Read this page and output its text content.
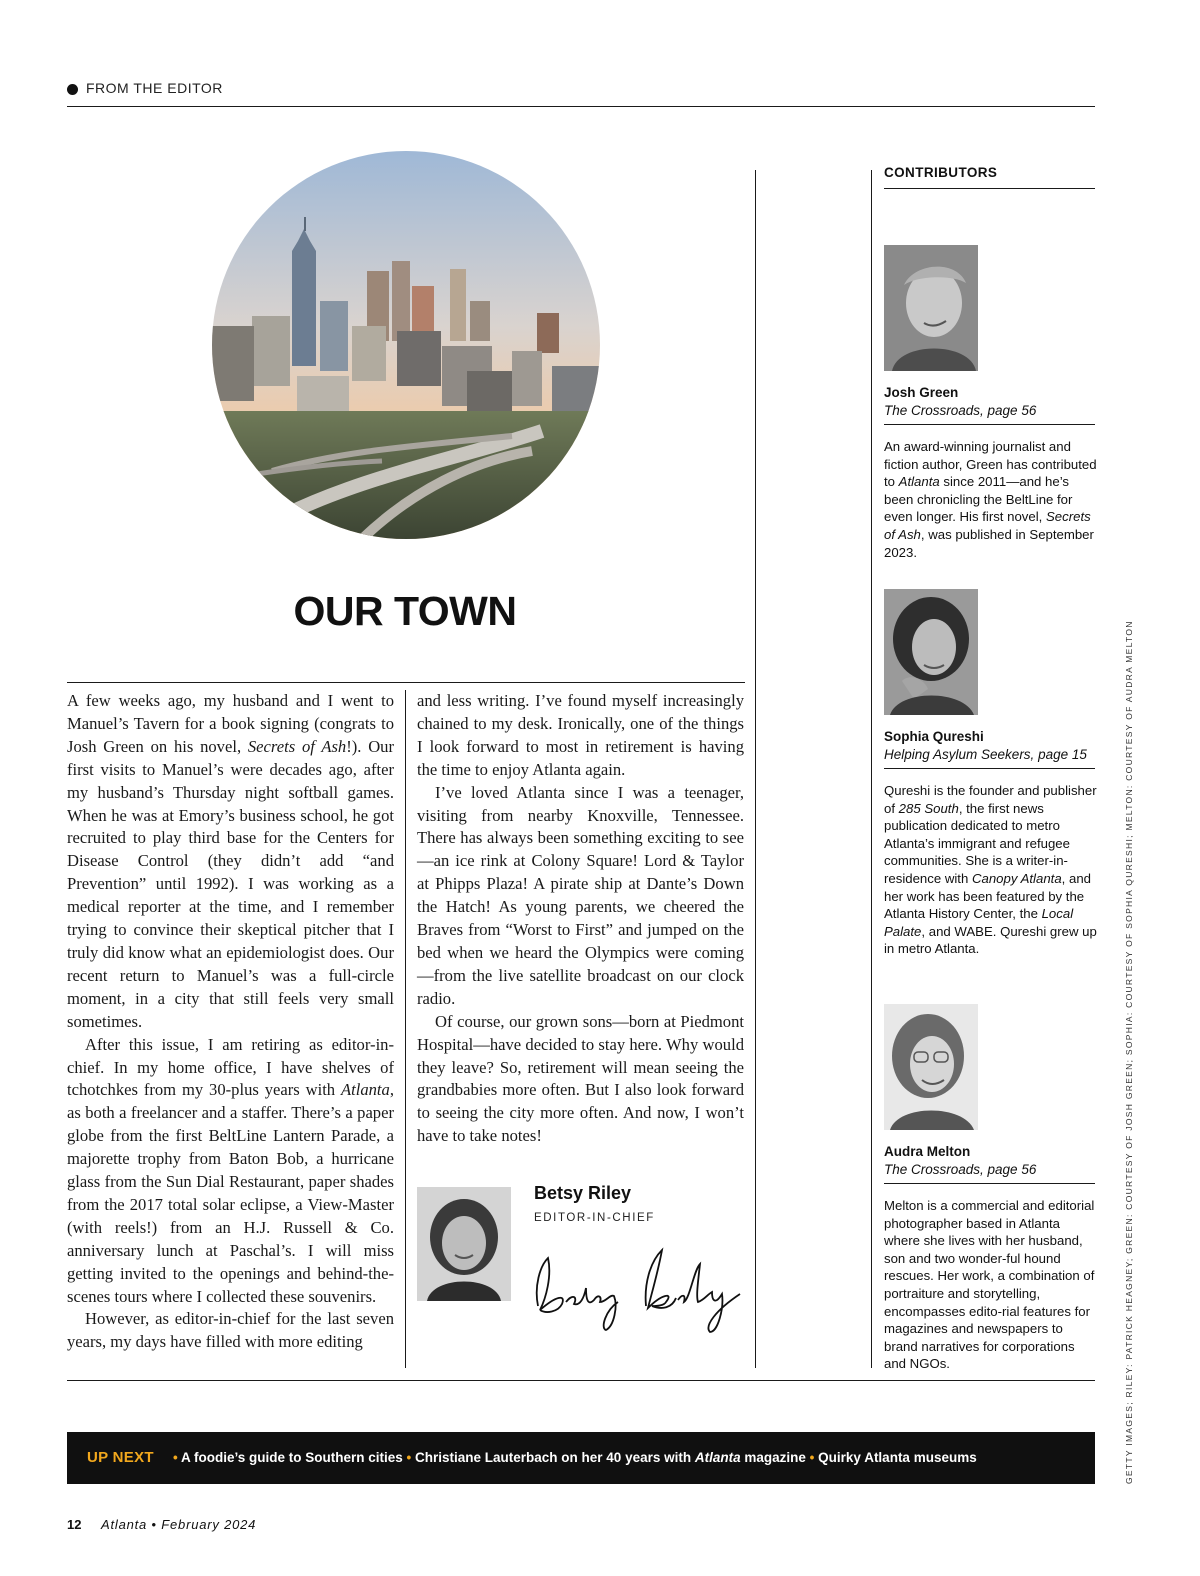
FROM THE EDITOR
OUR TOWN

A few weeks ago, my husband and I went to Manuel’s Tavern for a book signing (congrats to Josh Green on his novel, Secrets of Ash!). Our first visits to Manuel’s were decades ago, after my husband’s Thursday night softball games. When he was at Emory’s business school, he got recruited to play third base for the Centers for Disease Control (they didn’t add “and Prevention” until 1992). I was working as a medical reporter at the time, and I remember trying to convince their skeptical pitcher that I truly did know what an epidemiologist does. Our recent return to Manuel’s was a full-circle moment, in a city that still feels very small sometimes.

After this issue, I am retiring as editor-in-chief. In my home office, I have shelves of tchotchkes from my 30-plus years with Atlanta, as both a freelancer and a staffer. There’s a paper globe from the first BeltLine Lantern Parade, a majorette trophy from Baton Bob, a hurricane glass from the Sun Dial Restaurant, paper shades from the 2017 total solar eclipse, a View-Master (with reels!) from an H.J. Russell & Co. anniversary lunch at Paschal’s. I will miss getting invited to the openings and behind-the-scenes tours where I collected these souvenirs.

However, as editor-in-chief for the last seven years, my days have filled with more editing

and less writing. I’ve found myself increasingly chained to my desk. Ironically, one of the things I look forward to most in retirement is having the time to enjoy Atlanta again.

I’ve loved Atlanta since I was a teenager, visiting from nearby Knoxville, Tennessee. There has always been something exciting to see—an ice rink at Colony Square! Lord & Taylor at Phipps Plaza! A pirate ship at Dante’s Down the Hatch! As young parents, we cheered the Braves from “Worst to First” and jumped on the bed when we heard the Olympics were coming—from the live satellite broadcast on our clock radio.

Of course, our grown sons—born at Piedmont Hospital—have decided to stay here. Why would they leave? So, retirement will mean seeing the grandbabies more often. But I also look forward to seeing the city more often. And now, I won’t have to take notes!

Betsy Riley
EDITOR-IN-CHIEF
CONTRIBUTORS
Josh Green
The Crossroads, page 56
An award-winning journalist and fiction author, Green has contributed to Atlanta since 2011—and he’s been chronicling the BeltLine for even longer. His first novel, Secrets of Ash, was published in September 2023.
Sophia Qureshi
Helping Asylum Seekers, page 15
Qureshi is the founder and publisher of 285 South, the first news publication dedicated to metro Atlanta’s immigrant and refugee communities. She is a writer-in-residence with Canopy Atlanta, and her work has been featured by the Atlanta History Center, the Local Palate, and WABE. Qureshi grew up in metro Atlanta.
Audra Melton
The Crossroads, page 56
Melton is a commercial and editorial photographer based in Atlanta where she lives with her husband, son and two wonder-ful hound rescues. Her work, a combination of portraiture and storytelling, encompasses edito-rial features for magazines and newspapers to brand narratives for corporations and NGOs.	GETTY IMAGES; RILEY: PATRICK HEAGNEY; GREEN: COURTESY OF JOSH GREEN; SOPHIA: COURTESY OF SOPHIA QURESHI; MELTON: COURTESY OF AUDRA MELTON
UP NEXT • A foodie’s guide to Southern cities • Christiane Lauterbach on her 40 years with Atlanta magazine • Quirky Atlanta museums
12 Atlanta • February 2024
